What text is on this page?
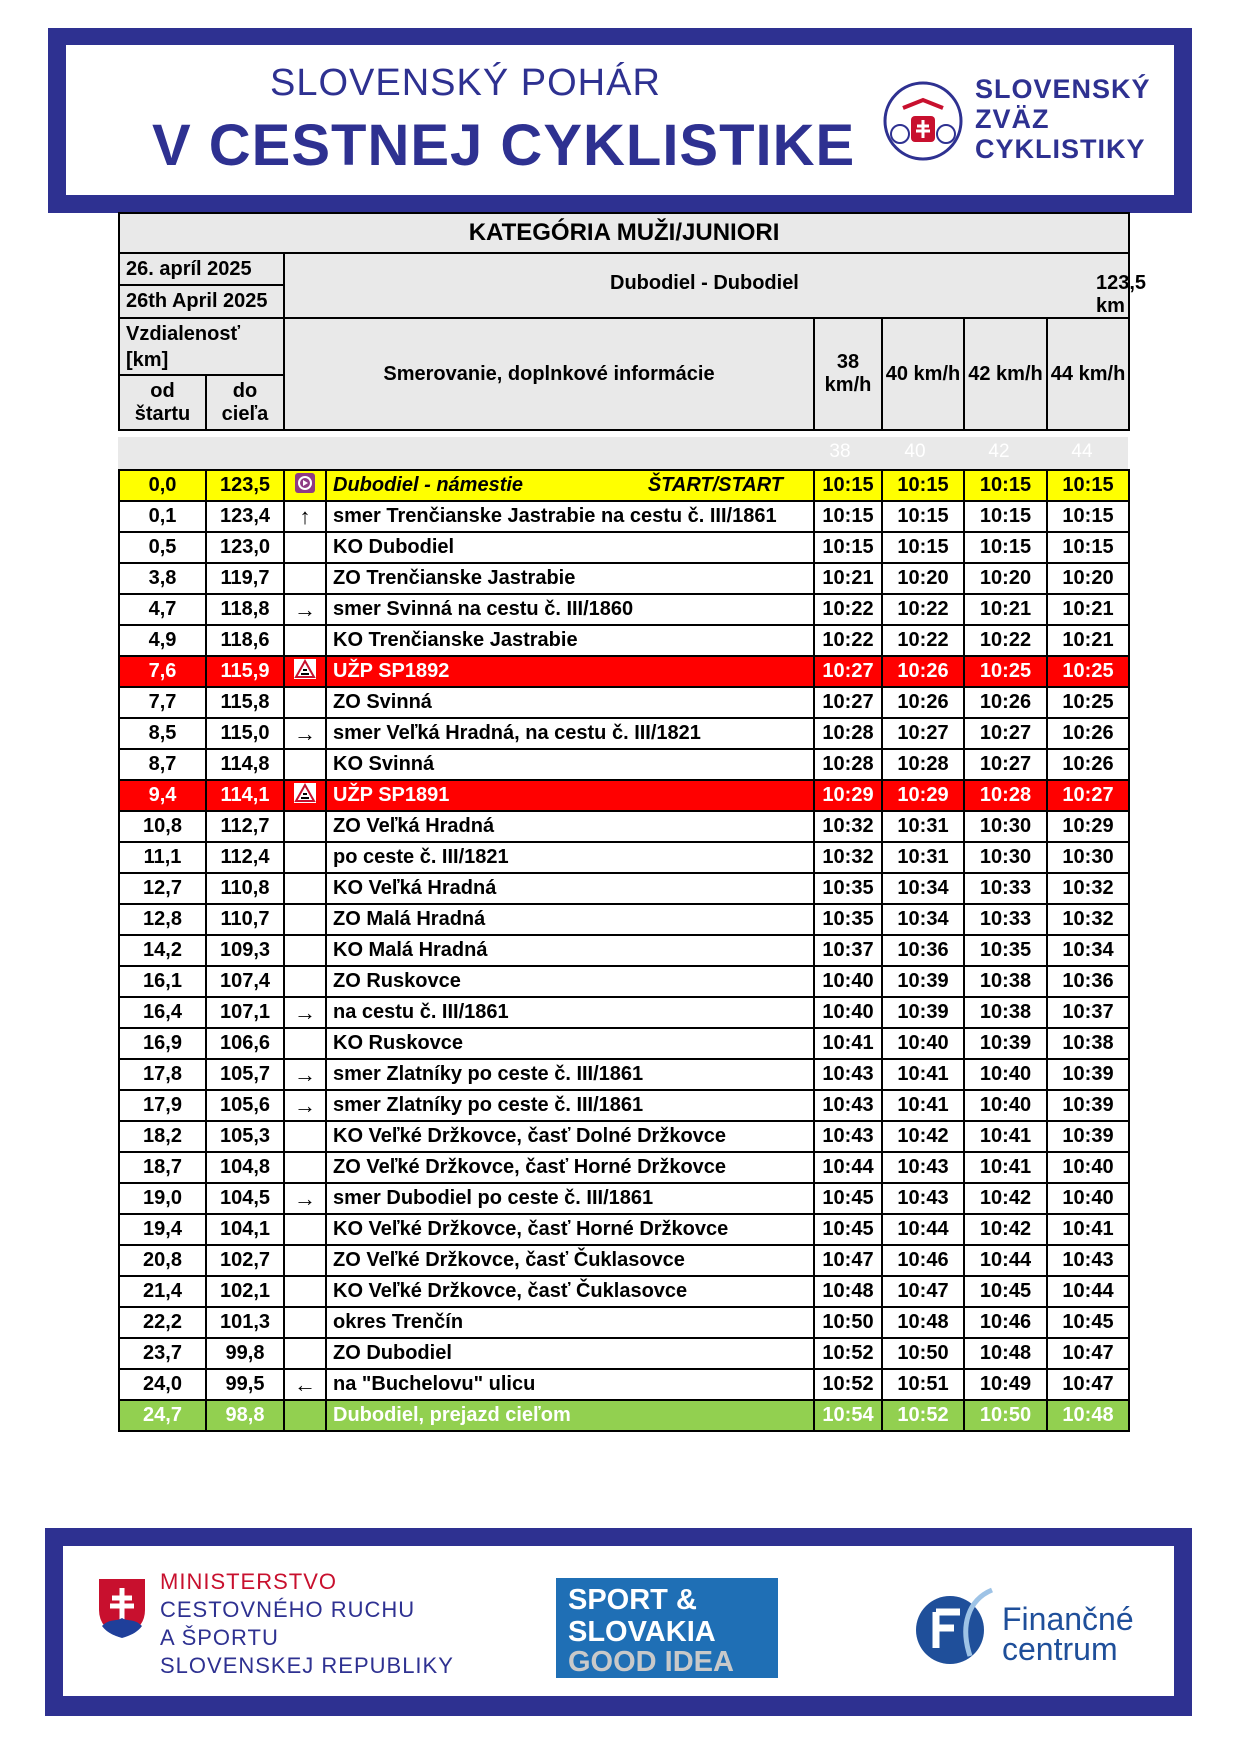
SLOVENSKÝ POHÁR
V CESTNEJ CYKLISTIKE
SLOVENSKÝ
ZVÄZ
CYKLISTIKY
KATEGÓRIA MUŽI/JUNIORI						
26. apríl 2025		Dubodiel - Dubodiel 123,5 km				

26th April 2025						
Vzdialenosť [km]		Smerovanie, doplnkové informácie	38 km/h	40 km/h	42 km/h	44 km/h
od štartu	do cieľa					
38	40	42	44
0,0	123,5		Dubodiel - námestie ŠTART/START	10:15	10:15	10:15	10:15
0,1	123,4	↑	smer Trenčianske Jastrabie na cestu č. III/1861	10:15	10:15	10:15	10:15
0,5	123,0		KO Dubodiel	10:15	10:15	10:15	10:15
3,8	119,7		ZO Trenčianske Jastrabie	10:21	10:20	10:20	10:20
4,7	118,8	→	smer Svinná na cestu č. III/1860	10:22	10:22	10:21	10:21
4,9	118,6		KO Trenčianske Jastrabie	10:22	10:22	10:22	10:21
7,6	115,9		UŽP SP1892	10:27	10:26	10:25	10:25
7,7	115,8		ZO Svinná	10:27	10:26	10:26	10:25
8,5	115,0	→	smer Veľká Hradná, na cestu č. III/1821	10:28	10:27	10:27	10:26
8,7	114,8		KO Svinná	10:28	10:28	10:27	10:26
9,4	114,1		UŽP SP1891	10:29	10:29	10:28	10:27
10,8	112,7		ZO Veľká Hradná	10:32	10:31	10:30	10:29
11,1	112,4		po ceste č. III/1821	10:32	10:31	10:30	10:30
12,7	110,8		KO Veľká Hradná	10:35	10:34	10:33	10:32
12,8	110,7		ZO Malá Hradná	10:35	10:34	10:33	10:32
14,2	109,3		KO Malá Hradná	10:37	10:36	10:35	10:34
16,1	107,4		ZO Ruskovce	10:40	10:39	10:38	10:36
16,4	107,1	→	na cestu č. III/1861	10:40	10:39	10:38	10:37
16,9	106,6		KO Ruskovce	10:41	10:40	10:39	10:38
17,8	105,7	→	smer Zlatníky po ceste č. III/1861	10:43	10:41	10:40	10:39
17,9	105,6	→	smer Zlatníky po ceste č. III/1861	10:43	10:41	10:40	10:39
18,2	105,3		KO Veľké Držkovce, časť Dolné Držkovce	10:43	10:42	10:41	10:39
18,7	104,8		ZO Veľké Držkovce, časť Horné Držkovce	10:44	10:43	10:41	10:40
19,0	104,5	→	smer Dubodiel po ceste č. III/1861	10:45	10:43	10:42	10:40
19,4	104,1		KO Veľké Držkovce, časť Horné Držkovce	10:45	10:44	10:42	10:41
20,8	102,7		ZO Veľké Držkovce, časť Čuklasovce	10:47	10:46	10:44	10:43
21,4	102,1		KO Veľké Držkovce, časť Čuklasovce	10:48	10:47	10:45	10:44
22,2	101,3		okres Trenčín	10:50	10:48	10:46	10:45
23,7	99,8		ZO Dubodiel	10:52	10:50	10:48	10:47
24,0	99,5	←	na "Buchelovu" ulicu	10:52	10:51	10:49	10:47
24,7	98,8		Dubodiel, prejazd cieľom	10:54	10:52	10:50	10:48
MINISTERSTVO
CESTOVNÉHO RUCHU
A ŠPORTU
SLOVENSKEJ REPUBLIKY
SPORT &
SLOVAKIA
GOOD IDEA
Finančné
centrum
